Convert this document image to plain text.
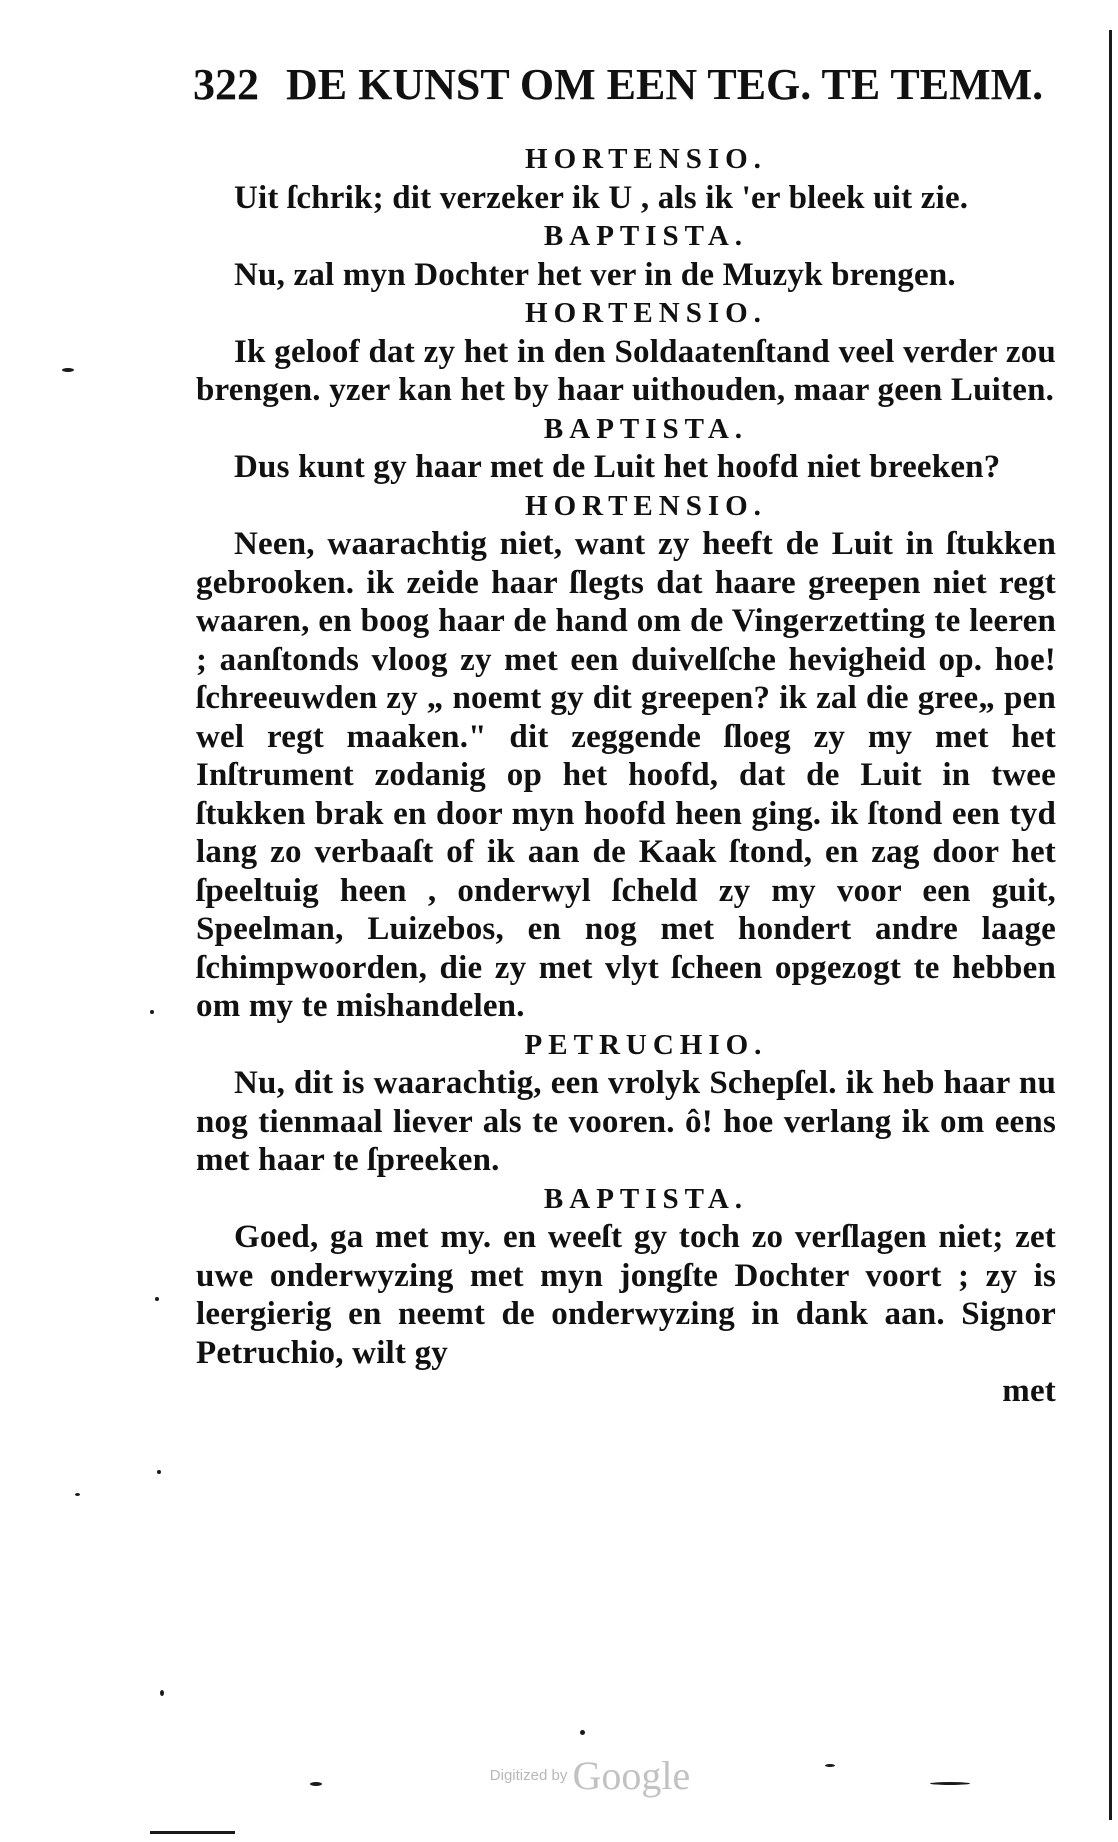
322 DE KUNST OM EEN TEG. TE TEMM.
HORTENSIO.
Uit ſchrik; dit verzeker ik U , als ik 'er bleek uit zie.
BAPTISTA.
Nu, zal myn Dochter het ver in de Muzyk brengen.
HORTENSIO.
Ik geloof dat zy het in den Soldaatenſtand veel verder zou brengen. yzer kan het by haar uithouden, maar geen Luiten.
BAPTISTA.
Dus kunt gy haar met de Luit het hoofd niet breeken?
HORTENSIO.
Neen, waarachtig niet, want zy heeft de Luit in ſtukken gebrooken. ik zeide haar ſlegts dat haare greepen niet regt waaren, en boog haar de hand om de Vingerzetting te leeren ; aanſtonds vloog zy met een duivelſche hevigheid op. hoe! ſchreeuwden zy „ noemt gy dit greepen? ik zal die gree„ pen wel regt maaken." dit zeggende ſloeg zy my met het Inſtrument zodanig op het hoofd, dat de Luit in twee ſtukken brak en door myn hoofd heen ging. ik ſtond een tyd lang zo verbaaſt of ik aan de Kaak ſtond, en zag door het ſpeeltuig heen , onderwyl ſcheld zy my voor een guit, Speelman, Luizebos, en nog met hondert andre laage ſchimpwoorden, die zy met vlyt ſcheen opgezogt te hebben om my te mishandelen.
PETRUCHIO.
Nu, dit is waarachtig, een vrolyk Schepſel. ik heb haar nu nog tienmaal liever als te vooren. ô! hoe verlang ik om eens met haar te ſpreeken.
BAPTISTA.
Goed, ga met my. en weeſt gy toch zo verſlagen niet; zet uwe onderwyzing met myn jongſte Dochter voort ; zy is leergierig en neemt de onderwyzing in dank aan. Signor Petruchio, wilt gy
met
Digitized by Google
